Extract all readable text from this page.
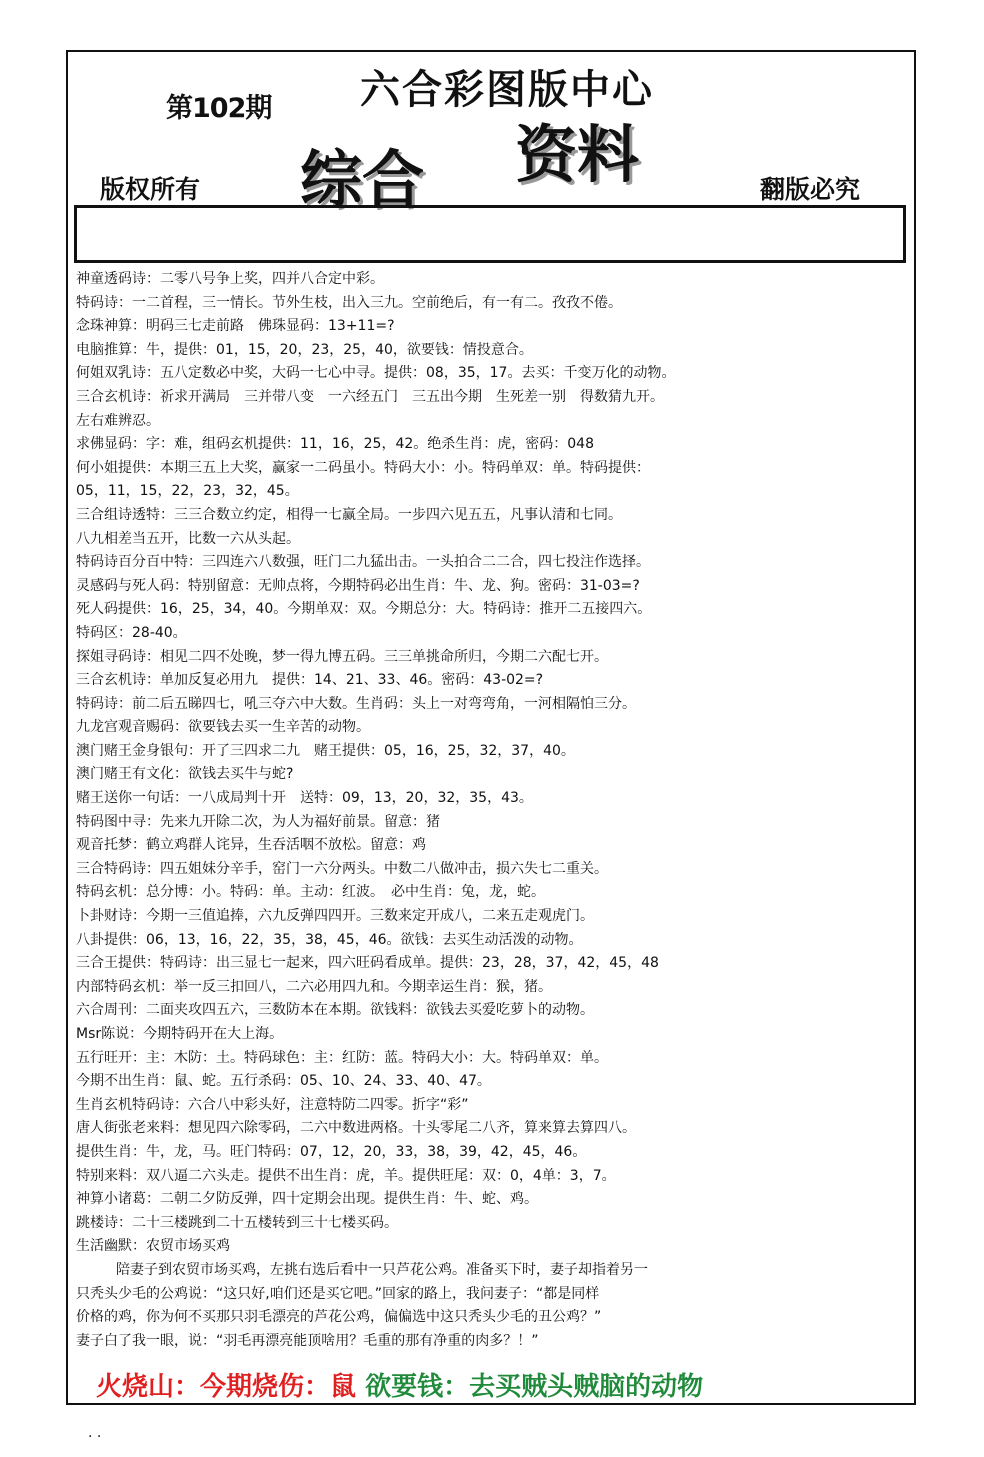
第102期 六合彩图版中心
综合 资料
版权所有	翻版必究
神童透码诗：二零八号争上奖，四并八合定中彩。
特码诗：一二首程，三一情长。节外生枝，出入三九。空前绝后，有一有二。孜孜不倦。
念珠神算：明码三七走前路　佛珠显码：13+11=?
电脑推算：牛，提供：01，15，20，23，25，40，欲要钱：情投意合。
何姐双乳诗：五八定数必中奖，大码一七心中寻。提供：08，35，17。去买：千变万化的动物。
三合玄机诗：祈求开满局　三并带八变　一六经五门　三五出今期　生死差一别　得数猜九开。
左右难辨忍。
求佛显码：字：难，组码玄机提供：11，16，25，42。绝杀生肖：虎，密码：048
何小姐提供：本期三五上大奖，赢家一二码虽小。特码大小：小。特码单双：单。特码提供：
05，11，15，22，23，32，45。
三合组诗透特：三三合数立约定，相得一七赢全局。一步四六见五五，凡事认清和七同。
八九相差当五开，比数一六从头起。
特码诗百分百中特：三四连六八数强，旺门二九猛出击。一头拍合二二合，四七投注作选择。
灵感码与死人码：特别留意：无帅点将，今期特码必出生肖：牛、龙、狗。密码：31-03=?
死人码提供：16，25，34，40。今期单双：双。今期总分：大。特码诗：推开二五接四六。
特码区：28-40。
探姐寻码诗：相见二四不处晚，梦一得九博五码。三三单挑命所归，今期二六配七开。
三合玄机诗：单加反复必用九　提供：14、21、33、46。密码：43-02=?
特码诗：前二后五睇四七，吼三夺六中大数。生肖码：头上一对弯弯角，一河相隔怕三分。
九龙宫观音赐码：欲要钱去买一生辛苦的动物。
澳门赌王金身银句：开了三四求二九　赌王提供：05，16，25，32，37，40。
澳门赌王有文化：欲钱去买牛与蛇?
赌王送你一句话：一八成局判十开　送特：09，13，20，32，35，43。
特码图中寻：先来九开除二次，为人为福好前景。留意：猪
观音托梦：鹤立鸡群人诧异，生吞活咽不放松。留意：鸡
三合特码诗：四五姐妹分辛手，窑门一六分两头。中数二八做冲击，损六失七二重关。
特码玄机：总分博：小。特码：单。主动：红波。　必中生肖：兔，龙，蛇。
卜卦财诗：今期一三值追捧，六九反弹四四开。三数来定开成八，二来五走观虎门。
八卦提供：06，13，16，22，35，38，45，46。欲钱：去买生动活泼的动物。
三合王提供：特码诗：出三显七一起来，四六旺码看成单。提供：23，28，37，42，45，48
内部特码玄机：举一反三扣回八，二六必用四九和。今期幸运生肖：猴，猪。
六合周刊：二面夹攻四五六，三数防本在本期。欲钱料：欲钱去买爱吃萝卜的动物。
Msr陈说：今期特码开在大上海。
五行旺开：主：木防：土。特码球色：主：红防：蓝。特码大小：大。特码单双：单。
今期不出生肖：鼠、蛇。五行杀码：05、10、24、33、40、47。
生肖玄机特码诗：六合八中彩头好，注意特防二四零。折字“彩”
唐人街张老来料：想见四六除零码，二六中数进两格。十头零尾二八齐，算来算去算四八。
提供生肖：牛，龙，马。旺门特码：07，12，20，33，38，39，42，45，46。
特别来料：双八逼二六头走。提供不出生肖：虎，羊。提供旺尾：双：0，4单：3，7。
神算小诸葛：二朝二夕防反弹，四十定期会出现。提供生肖：牛、蛇、鸡。
跳楼诗：二十三楼跳到二十五楼转到三十七楼买码。
生活幽默：农贸市场买鸡
陪妻子到农贸市场买鸡，左挑右选后看中一只芦花公鸡。准备买下时，妻子却指着另一
只秃头少毛的公鸡说：“这只好,咱们还是买它吧。”回家的路上，我问妻子：“都是同样
价格的鸡，你为何不买那只羽毛漂亮的芦花公鸡，偏偏选中这只秃头少毛的丑公鸡？”
妻子白了我一眼，说：“羽毛再漂亮能顶啥用？毛重的那有净重的肉多？！”
火烧山：今期烧伤：鼠 欲要钱：去买贼头贼脑的动物
. .
